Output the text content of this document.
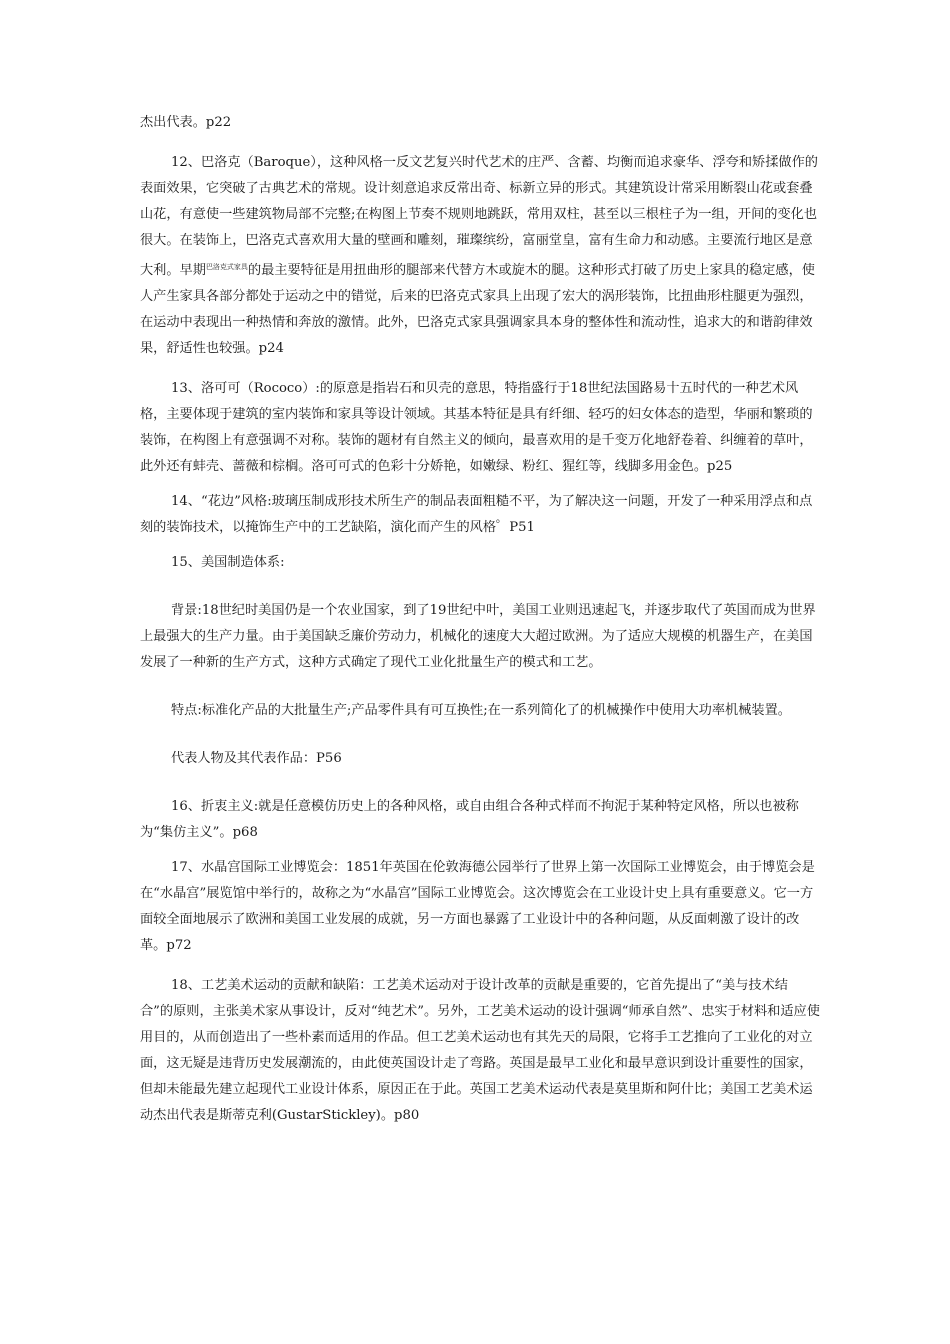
杰出代表。p22

12、巴洛克（Baroque），这种风格一反文艺复兴时代艺术的庄严、含蓄、均衡而追求豪华、浮夸和矫揉做作的表面效果，它突破了古典艺术的常规。设计刻意追求反常出奇、标新立异的形式。其建筑设计常采用断裂山花或套叠山花，有意使一些建筑物局部不完整;在构图上节奏不规则地跳跃，常用双柱，甚至以三根柱子为一组，开间的变化也很大。在装饰上，巴洛克式喜欢用大量的壁画和雕刻，璀璨缤纷，富丽堂皇，富有生命力和动感。主要流行地区是意大利。早期$^{巴洛克式家具}$的最主要特征是用扭曲形的腿部来代替方木或旋木的腿。这种形式打破了历史上家具的稳定感，使人产生家具各部分都处于运动之中的错觉，后来的巴洛克式家具上出现了宏大的涡形装饰，比扭曲形柱腿更为强烈，在运动中表现出一种热情和奔放的激情。此外，巴洛克式家具强调家具本身的整体性和流动性，追求大的和谐韵律效果，舒适性也较强。p24

13、洛可可（Rococo）:的原意是指岩石和贝壳的意思，特指盛行于18世纪法国路易十五时代的一种艺术风格，主要体现于建筑的室内装饰和家具等设计领域。其基本特征是具有纤细、轻巧的妇女体态的造型，华丽和繁琐的装饰，在构图上有意强调不对称。装饰的题材有自然主义的倾向，最喜欢用的是千变万化地舒卷着、纠缠着的草叶，此外还有蚌壳、蔷薇和棕榈。洛可可式的色彩十分娇艳，如嫩绿、粉红、猩红等，线脚多用金色。p25

14、“花边”风格:玻璃压制成形技术所生产的制品表面粗糙不平，为了解决这一问题，开发了一种采用浮点和点刻的装饰技术，以掩饰生产中的工艺缺陷，演化而产生的风格゜P51

15、美国制造体系:

背景:18世纪时美国仍是一个农业国家，到了19世纪中叶，美国工业则迅速起飞，并逐步取代了英国而成为世界上最强大的生产力量。由于美国缺乏廉价劳动力，机械化的速度大大超过欧洲。为了适应大规模的机器生产，在美国发展了一种新的生产方式，这种方式确定了现代工业化批量生产的模式和工艺。

特点:标准化产品的大批量生产;产品零件具有可互换性;在一系列简化了的机械操作中使用大功率机械装置。

代表人物及其代表作品：P56

16、折衷主义:就是任意模仿历史上的各种风格，或自由组合各种式样而不拘泥于某种特定风格，所以也被称为“集仿主义”。p68

17、水晶宫国际工业博览会：1851年英国在伦敦海德公园举行了世界上第一次国际工业博览会，由于博览会是在“水晶宫”展览馆中举行的，故称之为“水晶宫”国际工业博览会。这次博览会在工业设计史上具有重要意义。它一方面较全面地展示了欧洲和美国工业发展的成就，另一方面也暴露了工业设计中的各种问题，从反面刺激了设计的改革。p72

18、工艺美术运动的贡献和缺陷：工艺美术运动对于设计改革的贡献是重要的，它首先提出了“美与技术结合”的原则，主张美术家从事设计，反对“纯艺术”。另外，工艺美术运动的设计强调“师承自然”、忠实于材料和适应使用目的，从而创造出了一些朴素而适用的作品。但工艺美术运动也有其先天的局限，它将手工艺推向了工业化的对立面，这无疑是违背历史发展潮流的，由此使英国设计走了弯路。英国是最早工业化和最早意识到设计重要性的国家，但却未能最先建立起现代工业设计体系，原因正在于此。英国工艺美术运动代表是莫里斯和阿什比；美国工艺美术运动杰出代表是斯蒂克利(GustarStickley)。p80
